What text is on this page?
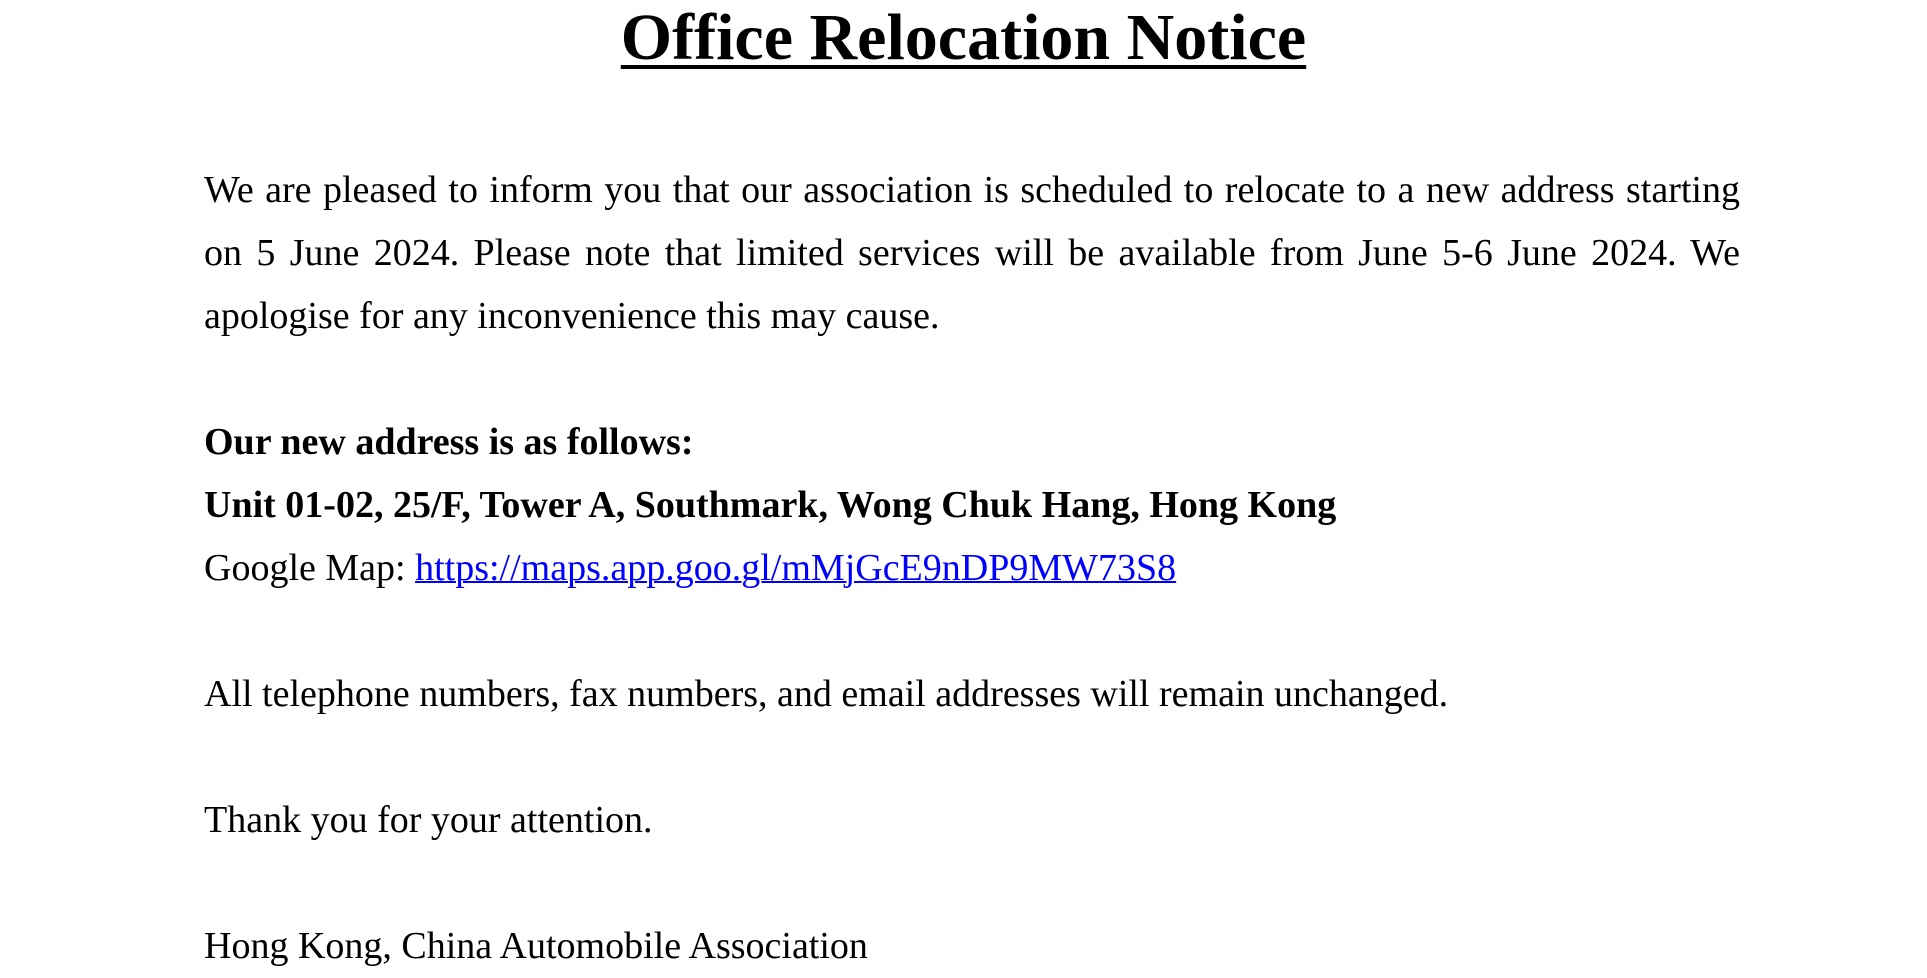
Office Relocation Notice

We are pleased to inform you that our association is scheduled to relocate to a new address starting on 5 June 2024. Please note that limited services will be available from June 5-6 June 2024. We apologise for any inconvenience this may cause.

Our new address is as follows:

Unit 01-02, 25/F, Tower A, Southmark, Wong Chuk Hang, Hong Kong

Google Map: https://maps.app.goo.gl/mMjGcE9nDP9MW73S8

All telephone numbers, fax numbers, and email addresses will remain unchanged.

Thank you for your attention.

Hong Kong, China Automobile Association
